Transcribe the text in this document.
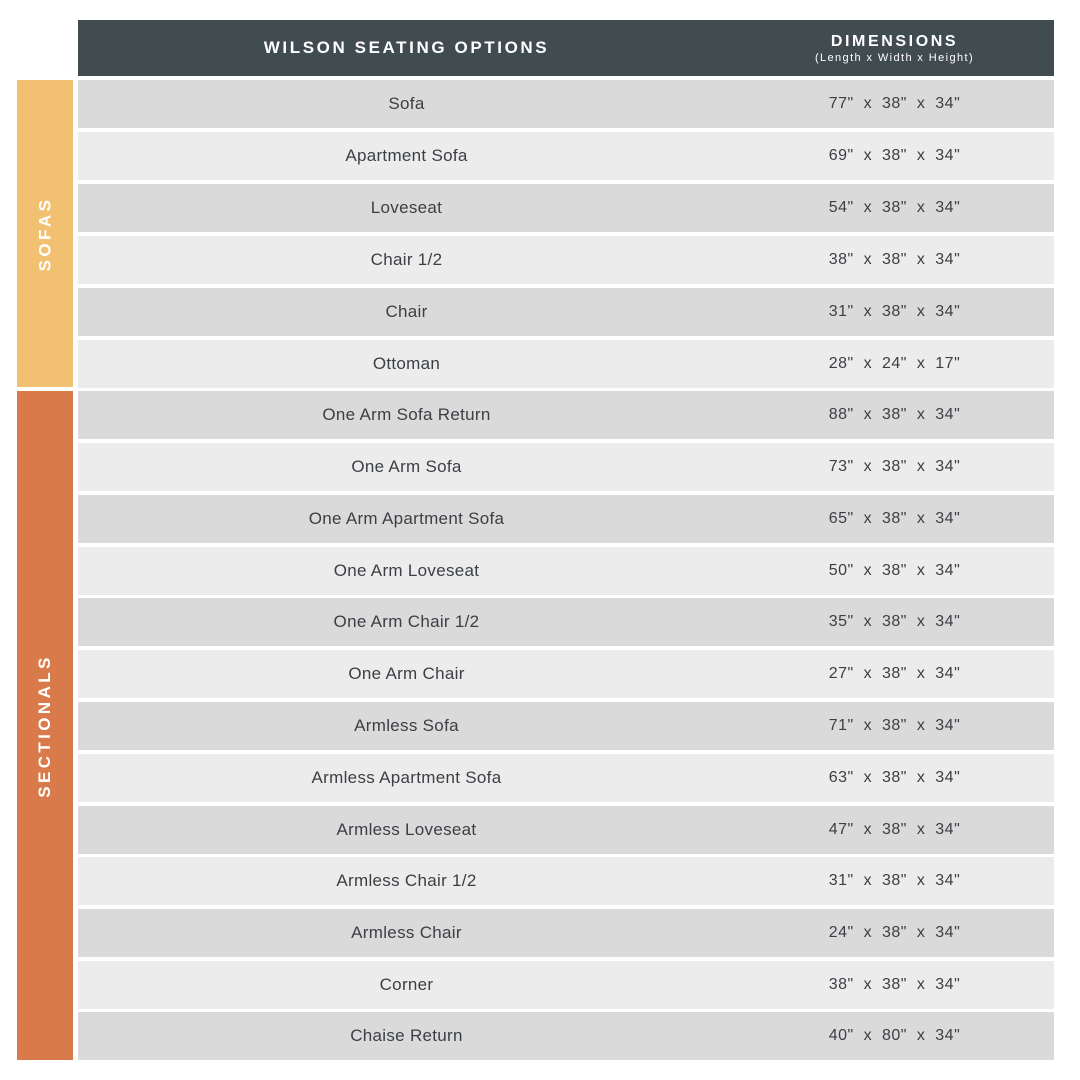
WILSON SEATING OPTIONS	DIMENSIONS
(Length x Width x Height)
SOFAS
SECTIONALS
Sofa	77"  x  38"  x  34"
Apartment Sofa	69"  x  38"  x  34"
Loveseat	54"  x  38"  x  34"
Chair 1/2	38"  x  38"  x  34"
Chair	31"  x  38"  x  34"
Ottoman	28"  x  24"  x  17"
One Arm Sofa Return	88"  x  38"  x  34"
One Arm Sofa	73"  x  38"  x  34"
One Arm Apartment Sofa	65"  x  38"  x  34"
One Arm Loveseat	50"  x  38"  x  34"
One Arm Chair 1/2	35"  x  38"  x  34"
One Arm Chair	27"  x  38"  x  34"
Armless Sofa	71"  x  38"  x  34"
Armless Apartment Sofa	63"  x  38"  x  34"
Armless Loveseat	47"  x  38"  x  34"
Armless Chair 1/2	31"  x  38"  x  34"
Armless Chair	24"  x  38"  x  34"
Corner	38"  x  38"  x  34"
Chaise Return	40"  x  80"  x  34"
